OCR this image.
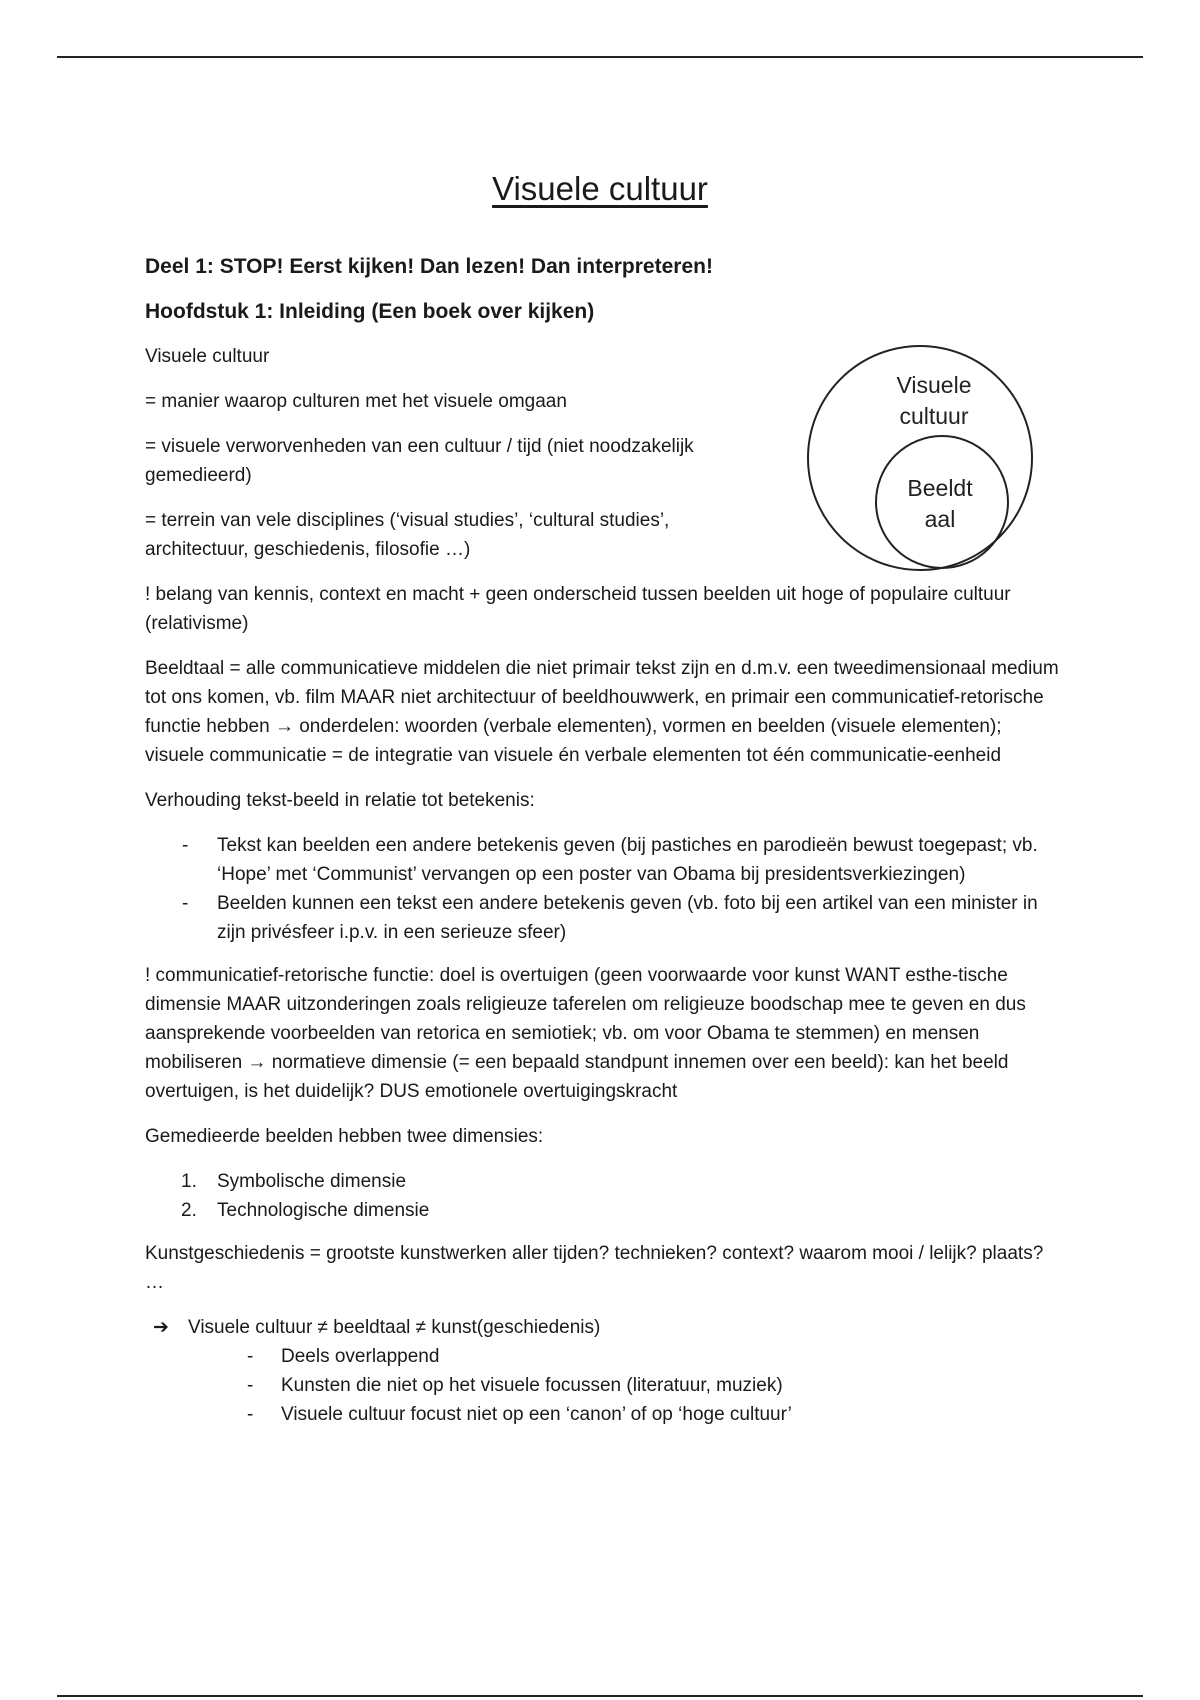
Visuele cultuur
Visuele
cultuur
Beeldt
aal

Deel 1: STOP! Eerst kijken! Dan lezen! Dan interpreteren!

Hoofdstuk 1: Inleiding (Een boek over kijken)

Visuele cultuur

= manier waarop culturen met het visuele omgaan

= visuele verworvenheden van een cultuur / tijd (niet noodzakelijk gemedieerd)

= terrein van vele disciplines (‘visual studies’, ‘cultural studies’, architectuur, geschiedenis, filosofie …)

! belang van kennis, context en macht + geen onderscheid tussen beelden uit hoge of populaire cultuur (relativisme)

Beeldtaal = alle communicatieve middelen die niet primair tekst zijn en d.m.v. een tweedimensionaal medium tot ons komen, vb. film MAAR niet architectuur of beeldhouwwerk, en primair een communicatief-retorische functie hebben → onderdelen: woorden (verbale elementen), vormen en beelden (visuele elementen); visuele communicatie = de integratie van visuele én verbale elementen tot één communicatie-eenheid

Verhouding tekst-beeld in relatie tot betekenis:

- Tekst kan beelden een andere betekenis geven (bij pastiches en parodieën bewust toegepast; vb. ‘Hope’ met ‘Communist’ vervangen op een poster van Obama bij presidentsverkiezingen)
- Beelden kunnen een tekst een andere betekenis geven (vb. foto bij een artikel van een minister in zijn privésfeer i.p.v. in een serieuze sfeer)

! communicatief-retorische functie: doel is overtuigen (geen voorwaarde voor kunst WANT esthe-tische dimensie MAAR uitzonderingen zoals religieuze taferelen om religieuze boodschap mee te geven en dus aansprekende voorbeelden van retorica en semiotiek; vb. om voor Obama te stemmen) en mensen mobiliseren → normatieve dimensie (= een bepaald standpunt innemen over een beeld): kan het beeld overtuigen, is het duidelijk? DUS emotionele overtuigingskracht

Gemedieerde beelden hebben twee dimensies:

1. Symbolische dimensie
2. Technologische dimensie

Kunstgeschiedenis = grootste kunstwerken aller tijden? technieken? context? waarom mooi / lelijk? plaats? …

➔ Visuele cultuur ≠ beeldtaal ≠ kunst(geschiedenis)
- Deels overlappend
- Kunsten die niet op het visuele focussen (literatuur, muziek)
- Visuele cultuur focust niet op een ‘canon’ of op ‘hoge cultuur’
